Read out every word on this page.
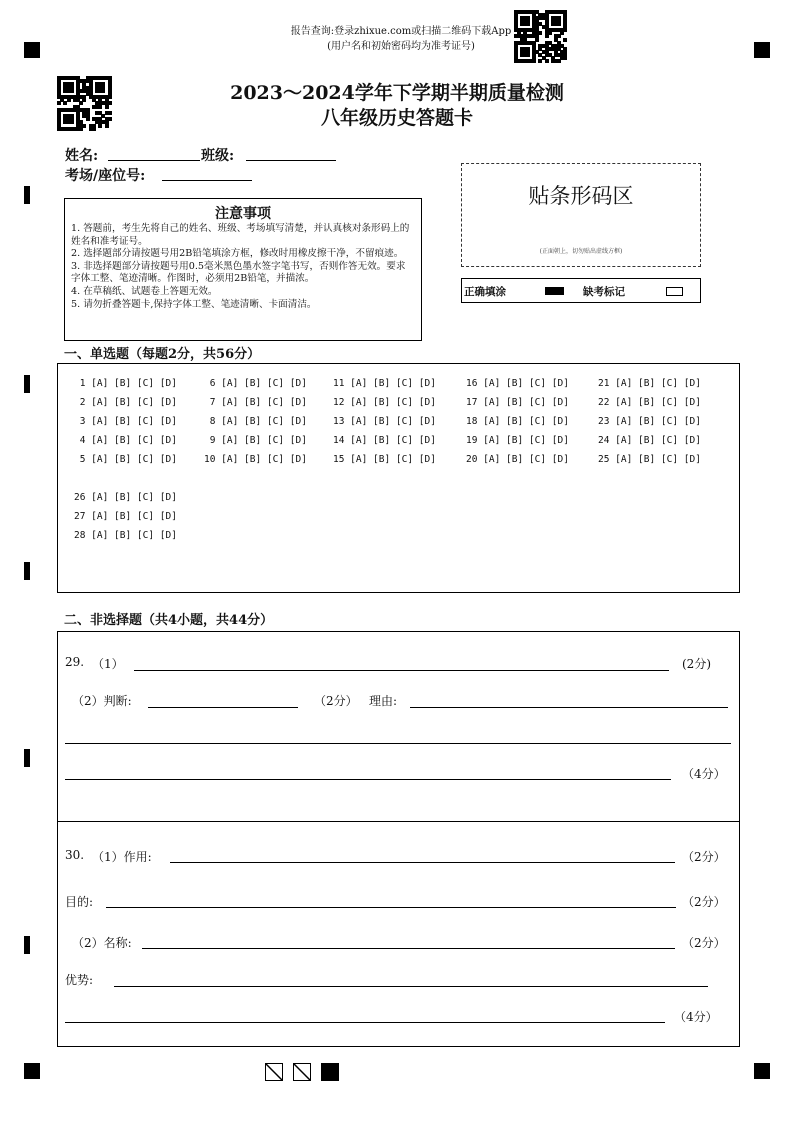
报告查询:登录zhixue.com或扫描二维码下载App
(用户名和初始密码均为准考证号)
2023～2024学年下学期半期质量检测
八年级历史答题卡
姓名:	班级:
考场/座位号:
注意事项

1. 答题前，考生先将自己的姓名、班级、考场填写清楚，并认真核对条形码上的姓名和准考证号。

2. 选择题部分请按题号用2B铅笔填涂方框，修改时用橡皮擦干净，不留痕迹。

3. 非选择题部分请按题号用0.5毫米黑色墨水签字笔书写，否则作答无效。要求字体工整、笔迹清晰。作图时，必须用2B铅笔，并描浓。

4. 在草稿纸、试题卷上答题无效。

5. 请勿折叠答题卡,保持字体工整、笔迹清晰、卡面清洁。

贴条形码区
(正面朝上，切勿贴出虚线方框)
正确填涂	缺考标记
一、单选题（每题2分，共56分）
1 [A] [B] [C] [D]
2 [A] [B] [C] [D]
3 [A] [B] [C] [D]
4 [A] [B] [C] [D]
5 [A] [B] [C] [D]
6 [A] [B] [C] [D]
7 [A] [B] [C] [D]
8 [A] [B] [C] [D]
9 [A] [B] [C] [D]
10 [A] [B] [C] [D]
11 [A] [B] [C] [D]
12 [A] [B] [C] [D]
13 [A] [B] [C] [D]
14 [A] [B] [C] [D]
15 [A] [B] [C] [D]
16 [A] [B] [C] [D]
17 [A] [B] [C] [D]
18 [A] [B] [C] [D]
19 [A] [B] [C] [D]
20 [A] [B] [C] [D]
21 [A] [B] [C] [D]
22 [A] [B] [C] [D]
23 [A] [B] [C] [D]
24 [A] [B] [C] [D]
25 [A] [B] [C] [D]
26 [A] [B] [C] [D]
27 [A] [B] [C] [D]
28 [A] [B] [C] [D]
二、非选择题（共4小题，共44分）
29. （1）	(2分)
（2）判断:	（2分） 理由:
（4分）
30. （1）作用:	（2分）
目的:	（2分）
（2）名称:	（2分）
优势:
（4分）
